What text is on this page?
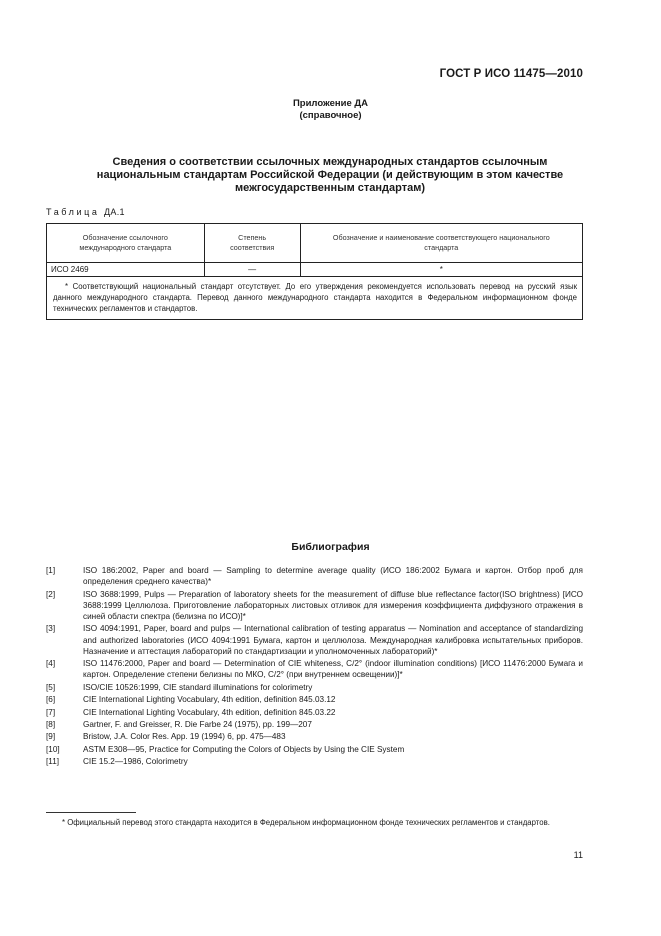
ГОСТ Р ИСО 11475—2010
Приложение ДА
(справочное)
Сведения о соответствии ссылочных международных стандартов ссылочным
национальным стандартам Российской Федерации (и действующим в этом качестве
межгосударственным стандартам)
Таблица ДА.1
Обозначение ссылочного международного стандарта	Степень соответствия	Обозначение и наименование соответствующего национального стандарта
ИСО 2469	—	*
* Соответствующий национальный стандарт отсутствует. До его утверждения рекомендуется использовать перевод на русский язык данного международного стандарта. Перевод данного международного стандарта находится в Федеральном информационном фонде технических регламентов и стандартов.		
Библиография
[1]	ISO 186:2002, Paper and board — Sampling to determine average quality (ИСО 186:2002 Бумага и картон. Отбор проб для определения среднего качества)*
[2]	ISO 3688:1999, Pulps — Preparation of laboratory sheets for the measurement of diffuse blue reflectance factor(ISO brightness) [ИСО 3688:1999 Целлюлоза. Приготовление лабораторных листовых отливок для измерения коэффициента диффузного отражения в синей области спектра (белизна по ИСО)]*
[3]	ISO 4094:1991, Paper, board and pulps — International calibration of testing apparatus — Nomination and acceptance of standardizing and authorized laboratories (ИСО 4094:1991 Бумага, картон и целлюлоза. Международная калибровка испытательных приборов. Назначение и аттестация лабораторий по стандартизации и уполномоченных лабораторий)*
[4]	ISO 11476:2000, Paper and board — Determination of CIE whiteness, C/2° (indoor illumination conditions) [ИСО 11476:2000 Бумага и картон. Определение степени белизны по МКО, C/2° (при внутреннем освещении)]*
[5]	ISO/CIE 10526:1999, CIE standard illuminations for colorimetry
[6]	CIE International Lighting Vocabulary, 4th edition, definition 845.03.12
[7]	CIE International Lighting Vocabulary, 4th edition, definition 845.03.22
[8]	Gartner, F. and Greisser, R. Die Farbe 24 (1975), pp. 199—207
[9]	Bristow, J.A. Color Res. App. 19 (1994) 6, pp. 475—483
[10]	ASTM E308—95, Practice for Computing the Colors of Objects by Using the CIE System
[11]	CIE 15.2—1986, Colorimetry
* Официальный перевод этого стандарта находится в Федеральном информационном фонде технических регламентов и стандартов.
11
